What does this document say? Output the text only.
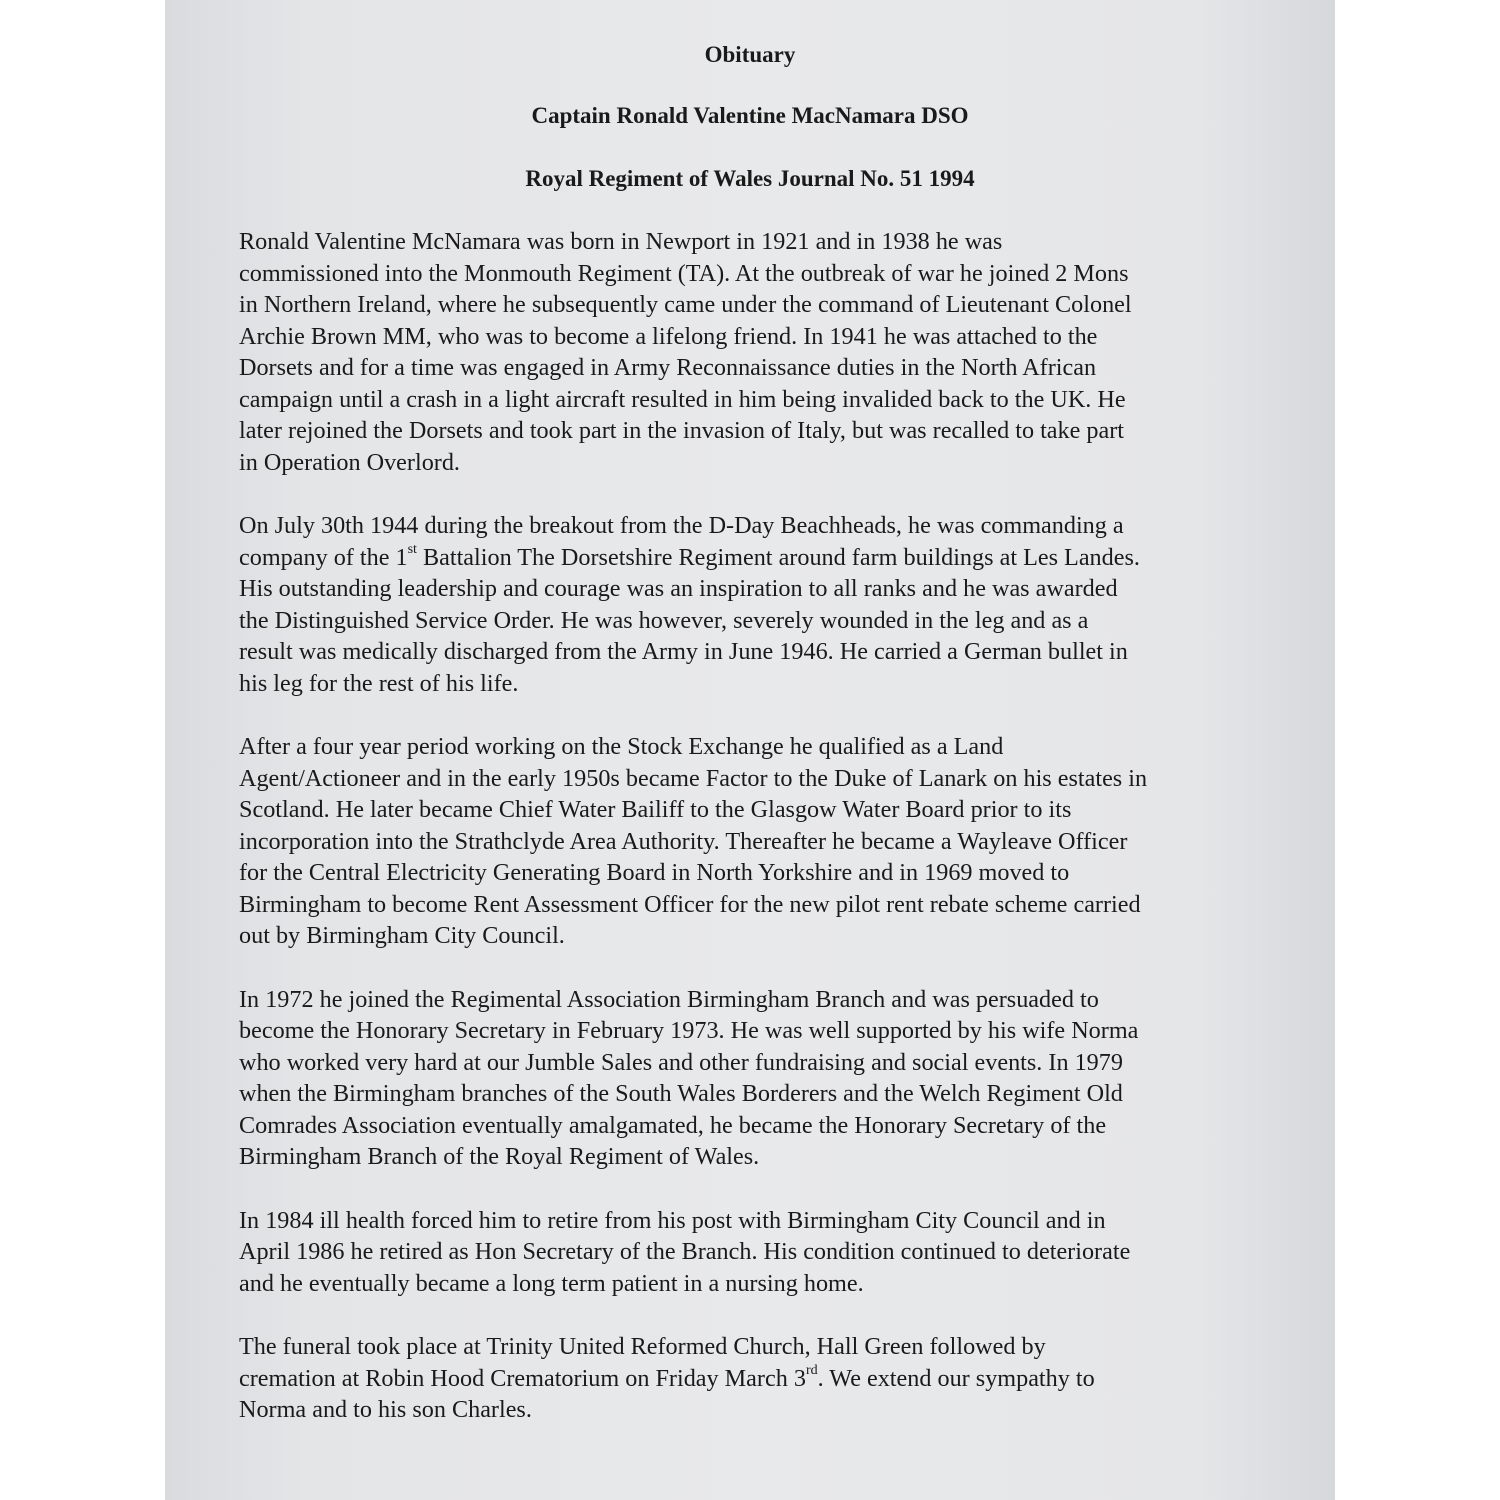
Obituary
Captain Ronald Valentine MacNamara DSO
Royal Regiment of Wales Journal No. 51 1994

Ronald Valentine McNamara was born in Newport in 1921 and in 1938 he was
commissioned into the Monmouth Regiment (TA). At the outbreak of war he joined 2 Mons
in Northern Ireland, where he subsequently came under the command of Lieutenant Colonel
Archie Brown MM, who was to become a lifelong friend. In 1941 he was attached to the
Dorsets and for a time was engaged in Army Reconnaissance duties in the North African
campaign until a crash in a light aircraft resulted in him being invalided back to the UK. He
later rejoined the Dorsets and took part in the invasion of Italy, but was recalled to take part
in Operation Overlord.

On July 30th 1944 during the breakout from the D-Day Beachheads, he was commanding a
company of the 1st Battalion The Dorsetshire Regiment around farm buildings at Les Landes.
His outstanding leadership and courage was an inspiration to all ranks and he was awarded
the Distinguished Service Order. He was however, severely wounded in the leg and as a
result was medically discharged from the Army in June 1946. He carried a German bullet in
his leg for the rest of his life.

After a four year period working on the Stock Exchange he qualified as a Land
Agent/Actioneer and in the early 1950s became Factor to the Duke of Lanark on his estates in
Scotland. He later became Chief Water Bailiff to the Glasgow Water Board prior to its
incorporation into the Strathclyde Area Authority. Thereafter he became a Wayleave Officer
for the Central Electricity Generating Board in North Yorkshire and in 1969 moved to
Birmingham to become Rent Assessment Officer for the new pilot rent rebate scheme carried
out by Birmingham City Council.

In 1972 he joined the Regimental Association Birmingham Branch and was persuaded to
become the Honorary Secretary in February 1973. He was well supported by his wife Norma
who worked very hard at our Jumble Sales and other fundraising and social events. In 1979
when the Birmingham branches of the South Wales Borderers and the Welch Regiment Old
Comrades Association eventually amalgamated, he became the Honorary Secretary of the
Birmingham Branch of the Royal Regiment of Wales.

In 1984 ill health forced him to retire from his post with Birmingham City Council and in
April 1986 he retired as Hon Secretary of the Branch. His condition continued to deteriorate
and he eventually became a long term patient in a nursing home.

The funeral took place at Trinity United Reformed Church, Hall Green followed by
cremation at Robin Hood Crematorium on Friday March 3rd. We extend our sympathy to
Norma and to his son Charles.
